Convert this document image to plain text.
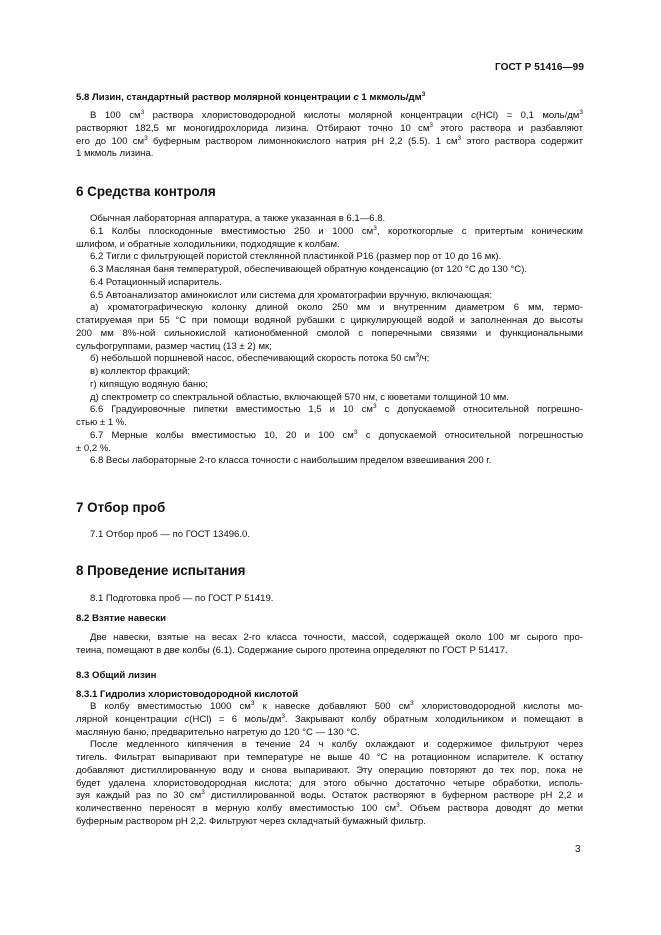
ГОСТ Р 51416—99
5.8 Лизин, стандартный раствор молярной концентрации c 1 мкмоль/$дм^3$
В 100 $см^3$ раствора хлористоводородной кислоты молярной концентрации c(HCl) = 0,1 моль/$дм^3$
растворяют 182,5 мг моногидрохлорида лизина. Отбирают точно 10 $см^3$ этого раствора и разбавляют
его до 100 $см^3$ буферным раствором лимоннокислого натрия рН 2,2 (5.5). 1 $см^3$ этого раствора содержит
1 мкмоль лизина.
6 Средства контроля
Обычная лабораторная аппаратура, а также указанная в 6.1—6.8.
6.1 Колбы плоскодонные вместимостью 250 и 1000 $см^3$, короткогорлые с притертым коническим
шлифом, и обратные холодильники, подходящие к колбам.
6.2 Тигли с фильтрующей пористой стеклянной пластинкой Р16 (размер пор от 10 до 16 мк).
6.3 Масляная баня температурой, обеспечивающей обратную конденсацию (от 120 °С до 130 °С).
6.4 Ротационный испаритель.
6.5 Автоанализатор аминокислот или система для хроматографии вручную, включающая:
а) хроматографическую колонку длиной около 250 мм и внутренним диаметром 6 мм, термо-
статируемая при 55 °С при помощи водяной рубашки с циркулирующей водой и заполненная до высоты
200 мм 8%-ной сильнокислой катионобменной смолой с поперечными связями и функциональными
сульфогруппами, размер частиц (13 ± 2) мк;
б) небольшой поршневой насос, обеспечивающий скорость потока 50 $см^3/ч$;
в) коллектор фракций;
г) кипящую водяную баню;
д) спектрометр со спектральной областью, включающей 570 нм, с кюветами толщиной 10 мм.
6.6 Градуировочные пипетки вместимостью 1,5 и 10 $см^3$ с допускаемой относительной погрешно-
стью ± 1 %.
6.7 Мерные колбы вместимостью 10, 20 и 100 $см^3$ с допускаемой относительной погрешностью
± 0,2 %.
6.8 Весы лабораторные 2-го класса точности с наибольшим пределом взвешивания 200 г.
7 Отбор проб
7.1 Отбор проб — по ГОСТ 13496.0.
8 Проведение испытания
8.1 Подготовка проб — по ГОСТ Р 51419.
8.2 Взятие навески
Две навески, взятые на весах 2-го класса точности, массой, содержащей около 100 мг сырого про-
теина, помещают в две колбы (6.1). Содержание сырого протеина определяют по ГОСТ Р 51417.
8.3 Общий лизин
8.3.1 Гидролиз хлористоводородной кислотой
В колбу вместимостью 1000 $см^3$ к навеске добавляют 500 $см^3$ хлористоводородной кислоты мо-
лярной концентрации c(HCl) = 6 моль/$дм^3$. Закрывают колбу обратным холодильником и помещают в
масляную баню, предварительно нагретую до 120 °С — 130 °С.
После медленного кипячения в течение 24 ч колбу охлаждают и содержимое фильтруют через
тигель. Фильтрат выпаривают при температуре не выше 40 °С на ротационном испарителе. К остатку
добавляют дистиллированную воду и снова выпаривают. Эту операцию повторяют до тех пор, пока не
будет удалена хлористоводородная кислота; для этого обычно достаточно четыре обработки, исполь-
зуя каждый раз по 30 $см^3$ дистиллированной воды. Остаток растворяют в буферном растворе рН 2,2 и
количественно переносят в мерную колбу вместимостью 100 $см^3$. Объем раствора доводят до метки
буферным раствором рН 2,2. Фильтруют через складчатый бумажный фильтр.
3
